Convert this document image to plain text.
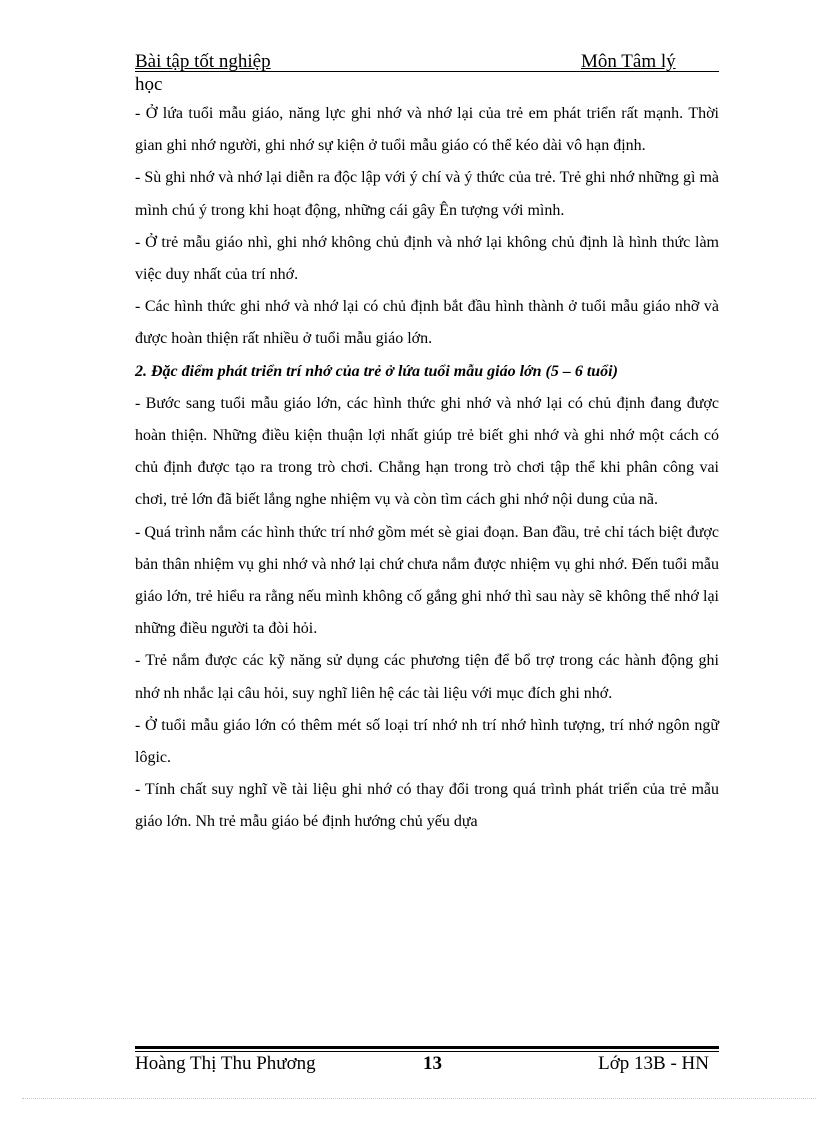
Bài tập tốt nghiệp	Môn Tâm lý
học

- Ở lứa tuổi mẫu giáo, năng lực ghi nhớ và nhớ lại của trẻ em phát triển rất mạnh. Thời gian ghi nhớ người, ghi nhớ sự kiện ở tuổi mẫu giáo có thể kéo dài vô hạn định.

- Sù ghi nhớ và nhớ lại diễn ra độc lập với ý chí và ý thức của trẻ. Trẻ ghi nhớ những gì mà mình chú ý trong khi hoạt động, những cái gây Ên tượng với mình.

- Ở trẻ mẫu giáo nhì, ghi nhớ không chủ định và nhớ lại không chủ định là hình thức làm việc duy nhất của trí nhớ.

- Các hình thức ghi nhớ và nhớ lại có chủ định bắt đầu hình thành ở tuổi mẫu giáo nhỡ và được hoàn thiện rất nhiều ở tuổi mẫu giáo lớn.

2. Đặc điểm phát triển trí nhớ của trẻ ở lứa tuổi mẫu giáo lớn (5 – 6 tuổi)

- Bước sang tuổi mẫu giáo lớn, các hình thức ghi nhớ và nhớ lại có chủ định đang được hoàn thiện. Những điều kiện thuận lợi nhất giúp trẻ biết ghi nhớ và ghi nhớ một cách có chủ định được tạo ra trong trò chơi. Chẳng hạn trong trò chơi tập thể khi phân công vai chơi, trẻ lớn đã biết lắng nghe nhiệm vụ và còn tìm cách ghi nhớ nội dung của nã.

- Quá trình nắm các hình thức trí nhớ gồm mét sè giai đoạn. Ban đầu, trẻ chỉ tách biệt được bản thân nhiệm vụ ghi nhớ và nhớ lại chứ chưa nắm được nhiệm vụ ghi nhớ. Đến tuổi mẫu giáo lớn, trẻ hiểu ra rằng nếu mình không cố gắng ghi nhớ thì sau này sẽ không thể nhớ lại những điều người ta đòi hỏi.

- Trẻ nắm được các kỹ năng sử dụng các phương tiện để bổ trợ trong các hành động ghi nhớ nh nhắc lại câu hỏi, suy nghĩ liên hệ các tài liệu với mục đích ghi nhớ.

- Ở tuổi mẫu giáo lớn có thêm mét số loại trí nhớ nh trí nhớ hình tượng, trí nhớ ngôn ngữ lôgic.

- Tính chất suy nghĩ về tài liệu ghi nhớ có thay đổi trong quá trình phát triển của trẻ mẫu giáo lớn. Nh trẻ mẫu giáo bé định hướng chủ yếu dựa

Hoàng Thị Thu Phương	13	Lớp 13B - HN
